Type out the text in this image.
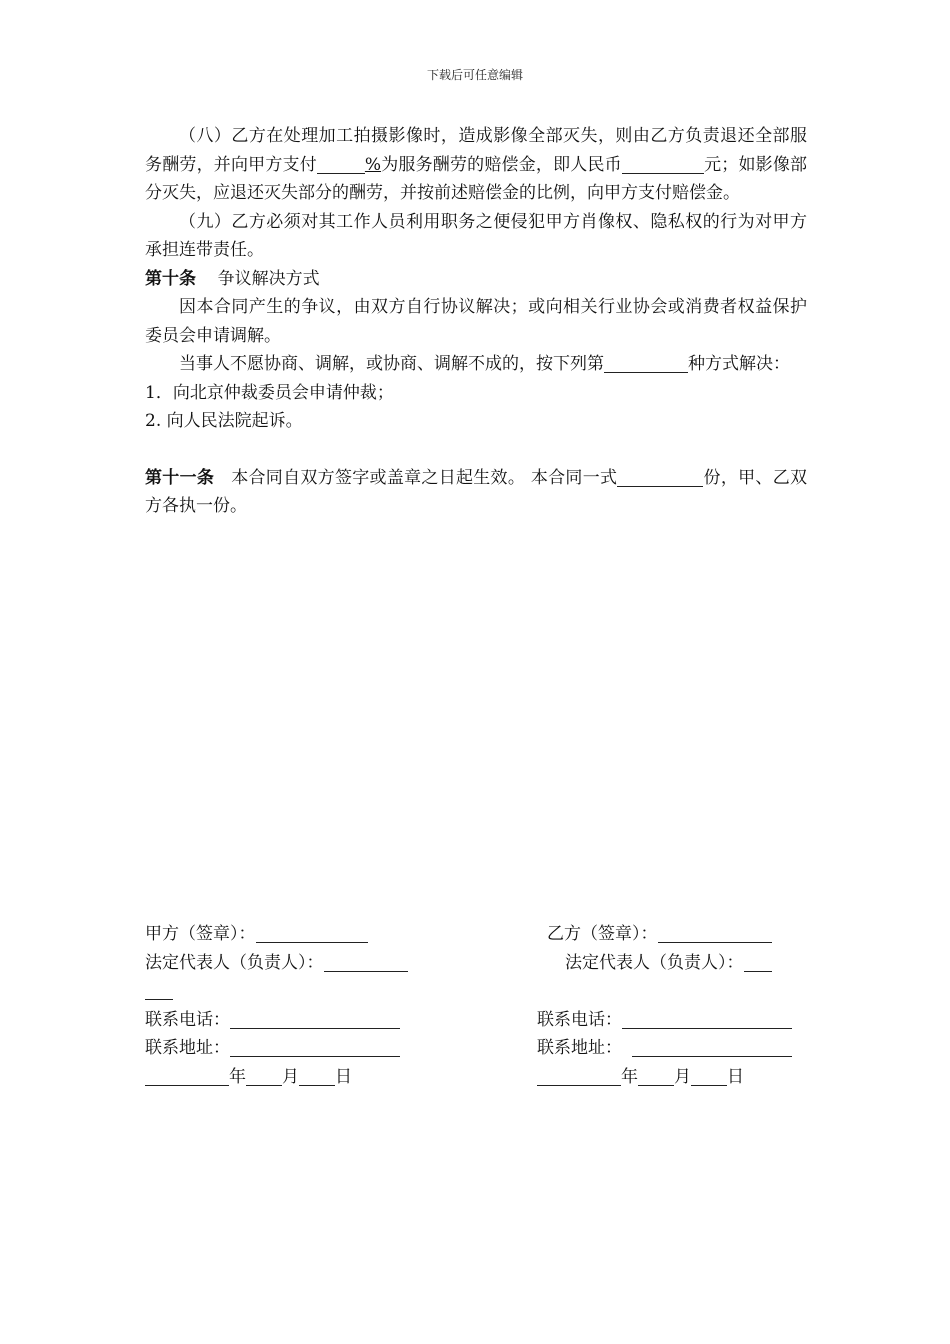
下载后可任意编辑

（八）乙方在处理加工拍摄影像时，造成影像全部灭失，则由乙方负责退还全部服务酬劳，并向甲方支付	%为服务酬劳的赔偿金，即人民币	元；如影像部分灭失，应退还灭失部分的酬劳，并按前述赔偿金的比例，向甲方支付赔偿金。

（九）乙方必须对其工作人员利用职务之便侵犯甲方肖像权、隐私权的行为对甲方承担连带责任。

第十条 争议解决方式

因本合同产生的争议，由双方自行协议解决；或向相关行业协会或消费者权益保护委员会申请调解。

当事人不愿协商、调解，或协商、调解不成的，按下列第	种方式解决：

1．向北京仲裁委员会申请仲裁；

2. 向人民法院起诉。

第十一条 本合同自双方签字或盖章之日起生效。 本合同一式	份，甲、乙双方各执一份。

甲方（签章）：
法定代表人（负责人）：
联系电话：
联系地址：
年 月 日
乙方（签章）：
法定代表人（负责人）：
联系电话：
联系地址：
年 月 日
